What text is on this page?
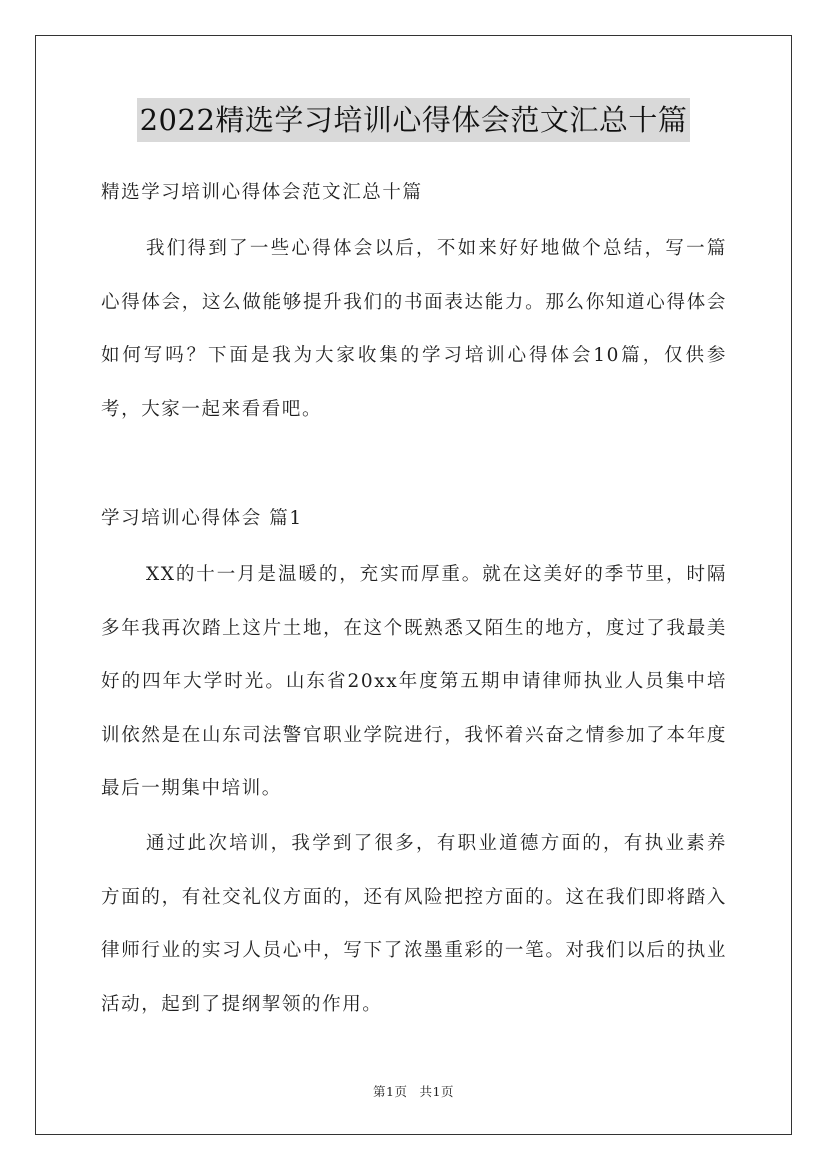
2022精选学习培训心得体会范文汇总十篇

精选学习培训心得体会范文汇总十篇

我们得到了一些心得体会以后，不如来好好地做个总结，写一篇心得体会，这么做能够提升我们的书面表达能力。那么你知道心得体会如何写吗？下面是我为大家收集的学习培训心得体会10篇，仅供参考，大家一起来看看吧。

学习培训心得体会 篇1

XX的十一月是温暖的，充实而厚重。就在这美好的季节里，时隔多年我再次踏上这片土地，在这个既熟悉又陌生的地方，度过了我最美好的四年大学时光。山东省20xx年度第五期申请律师执业人员集中培训依然是在山东司法警官职业学院进行，我怀着兴奋之情参加了本年度最后一期集中培训。

通过此次培训，我学到了很多，有职业道德方面的，有执业素养方面的，有社交礼仪方面的，还有风险把控方面的。这在我们即将踏入律师行业的实习人员心中，写下了浓墨重彩的一笔。对我们以后的执业活动，起到了提纲挈领的作用。

第1页 共1页
